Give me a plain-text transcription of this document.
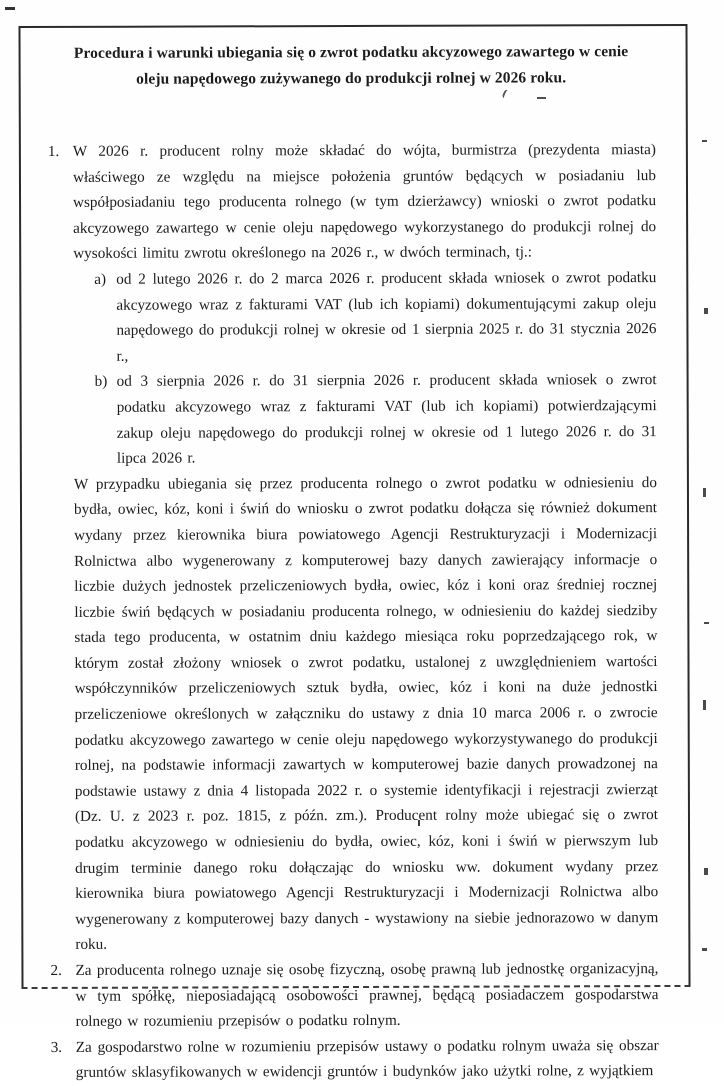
Procedura i warunki ubiegania się o zwrot podatku akcyzowego zawartego w cenie oleju napędowego zużywanego do produkcji rolnej w 2026 roku.
1. W 2026 r. producent rolny może składać do wójta, burmistrza (prezydenta miasta) właściwego ze względu na miejsce położenia gruntów będących w posiadaniu lub współposiadaniu tego producenta rolnego (w tym dzierżawcy) wnioski o zwrot podatku akcyzowego zawartego w cenie oleju napędowego wykorzystanego do produkcji rolnej do wysokości limitu zwrotu określonego na 2026 r., w dwóch terminach, tj.:
a) od 2 lutego 2026 r. do 2 marca 2026 r. producent składa wniosek o zwrot podatku akcyzowego wraz z fakturami VAT (lub ich kopiami) dokumentującymi zakup oleju napędowego do produkcji rolnej w okresie od 1 sierpnia 2025 r. do 31 stycznia 2026 r.,
b) od 3 sierpnia 2026 r. do 31 sierpnia 2026 r. producent składa wniosek o zwrot podatku akcyzowego wraz z fakturami VAT (lub ich kopiami) potwierdzającymi zakup oleju napędowego do produkcji rolnej w okresie od 1 lutego 2026 r. do 31 lipca 2026 r.
W przypadku ubiegania się przez producenta rolnego o zwrot podatku w odniesieniu do bydła, owiec, kóz, koni i świń do wniosku o zwrot podatku dołącza się również dokument wydany przez kierownika biura powiatowego Agencji Restrukturyzacji i Modernizacji Rolnictwa albo wygenerowany z komputerowej bazy danych zawierający informacje o liczbie dużych jednostek przeliczeniowych bydła, owiec, kóz i koni oraz średniej rocznej liczbie świń będących w posiadaniu producenta rolnego, w odniesieniu do każdej siedziby stada tego producenta, w ostatnim dniu każdego miesiąca roku poprzedzającego rok, w którym został złożony wniosek o zwrot podatku, ustalonej z uwzględnieniem wartości współczynników przeliczeniowych sztuk bydła, owiec, kóz i koni na duże jednostki przeliczeniowe określonych w załączniku do ustawy z dnia 10 marca 2006 r. o zwrocie podatku akcyzowego zawartego w cenie oleju napędowego wykorzystywanego do produkcji rolnej, na podstawie informacji zawartych w komputerowej bazie danych prowadzonej na podstawie ustawy z dnia 4 listopada 2022 r. o systemie identyfikacji i rejestracji zwierząt (Dz. U. z 2023 r. poz. 1815, z późn. zm.). Producent rolny może ubiegać się o zwrot podatku akcyzowego w odniesieniu do bydła, owiec, kóz, koni i świń w pierwszym lub drugim terminie danego roku dołączając do wniosku ww. dokument wydany przez kierownika biura powiatowego Agencji Restrukturyzacji i Modernizacji Rolnictwa albo wygenerowany z komputerowej bazy danych - wystawiony na siebie jednorazowo w danym roku.
2. Za producenta rolnego uznaje się osobę fizyczną, osobę prawną lub jednostkę organizacyjną, w tym spółkę, nieposiadającą osobowości prawnej, będącą posiadaczem gospodarstwa rolnego w rozumieniu przepisów o podatku rolnym.
3. Za gospodarstwo rolne w rozumieniu przepisów ustawy o podatku rolnym uważa się obszar gruntów sklasyfikowanych w ewidencji gruntów i budynków jako użytki rolne, z wyjątkiem
